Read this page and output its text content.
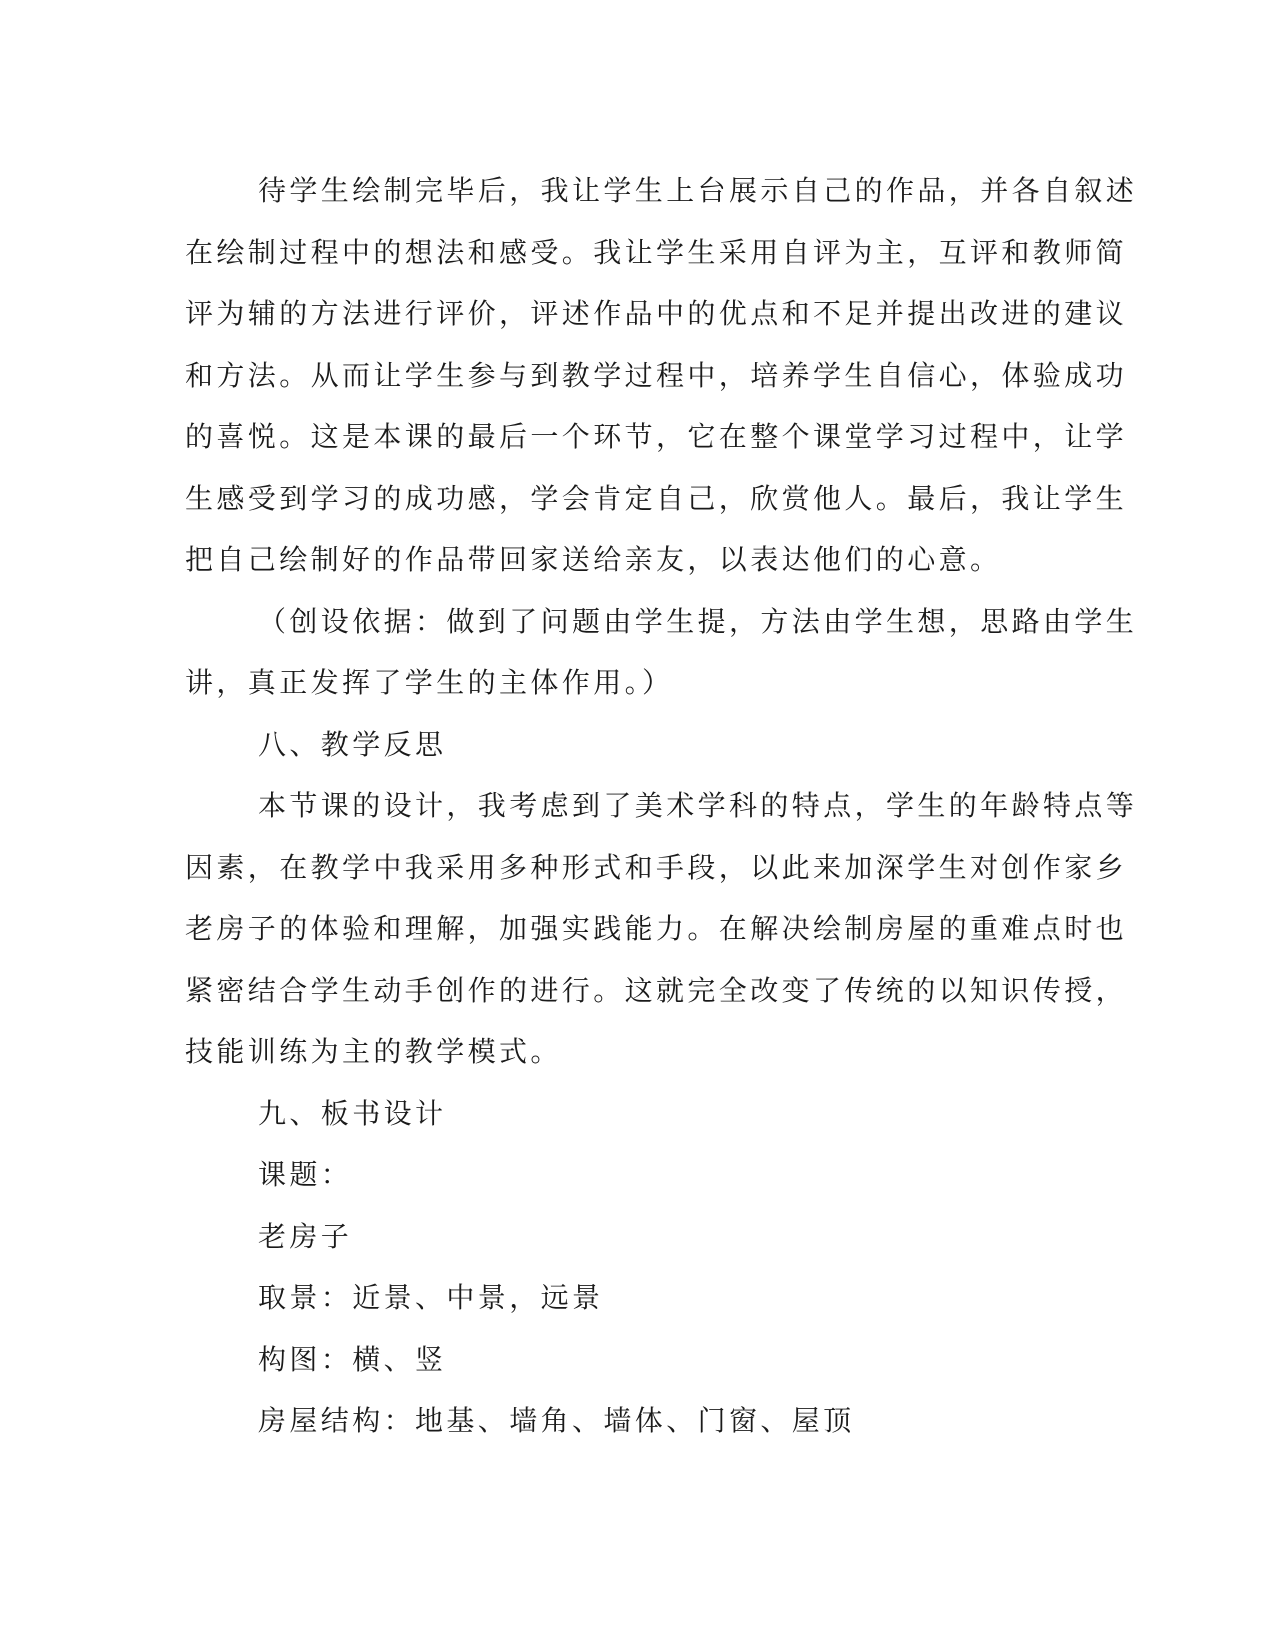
待学生绘制完毕后，我让学生上台展示自己的作品，并各自叙述
在绘制过程中的想法和感受。我让学生采用自评为主，互评和教师简
评为辅的方法进行评价，评述作品中的优点和不足并提出改进的建议
和方法。从而让学生参与到教学过程中，培养学生自信心，体验成功
的喜悦。这是本课的最后一个环节，它在整个课堂学习过程中，让学
生感受到学习的成功感，学会肯定自己，欣赏他人。最后，我让学生
把自己绘制好的作品带回家送给亲友，以表达他们的心意。
（创设依据：做到了问题由学生提，方法由学生想，思路由学生
讲，真正发挥了学生的主体作用。）
八、教学反思
本节课的设计，我考虑到了美术学科的特点，学生的年龄特点等
因素，在教学中我采用多种形式和手段，以此来加深学生对创作家乡
老房子的体验和理解，加强实践能力。在解决绘制房屋的重难点时也
紧密结合学生动手创作的进行。这就完全改变了传统的以知识传授，
技能训练为主的教学模式。
九、板书设计
课题：
老房子
取景：近景、中景，远景
构图：横、竖
房屋结构：地基、墙角、墙体、门窗、屋顶
